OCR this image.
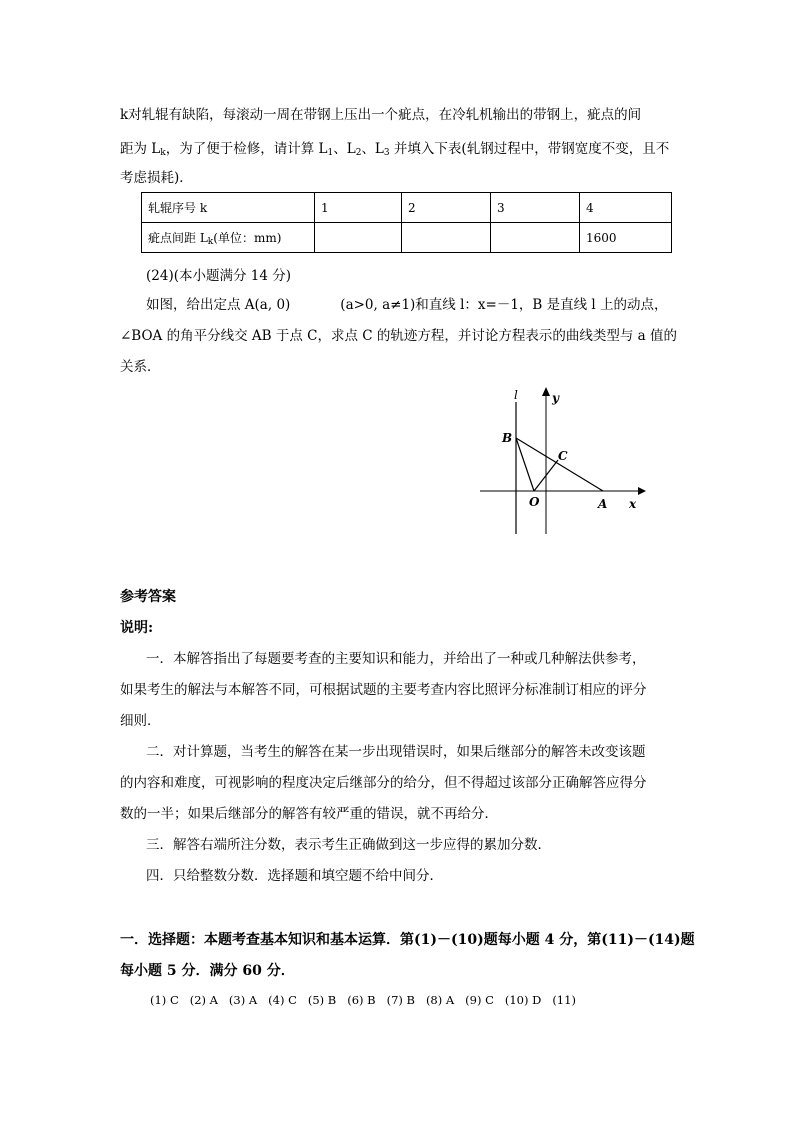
k对轧辊有缺陷，每滚动一周在带钢上压出一个疵点，在冷轧机输出的带钢上，疵点的间
距为 $L_k$，为了便于检修，请计算 $L_1$、$L_2$、$L_3$ 并填入下表(轧钢过程中，带钢宽度不变，且不
考虑损耗)．
轧辊序号 k	1	2	3	4
疵点间距 $L_k$(单位：mm)				1600
(24)(本小题满分 14 分)
如图，给出定点 A(a, 0)	(a>0, a≠1)和直线 l：x=－1，B 是直线 l 上的动点，
∠BOA 的角平分线交 AB 于点 C，求点 C 的轨迹方程，并讨论方程表示的曲线类型与 a 值的
关系．
l	y
B
C
O	A x
参考答案
说明:
一．本解答指出了每题要考查的主要知识和能力，并给出了一种或几种解法供参考，
如果考生的解法与本解答不同，可根据试题的主要考查内容比照评分标准制订相应的评分
细则．
二．对计算题，当考生的解答在某一步出现错误时，如果后继部分的解答未改变该题
的内容和难度，可视影响的程度决定后继部分的给分，但不得超过该部分正确解答应得分
数的一半；如果后继部分的解答有较严重的错误，就不再给分．
三．解答右端所注分数，表示考生正确做到这一步应得的累加分数．
四．只给整数分数．选择题和填空题不给中间分．
一．选择题：本题考查基本知识和基本运算．第(1)－(10)题每小题 4 分，第(11)－(14)题
每小题 5 分．满分 60 分．
(1) C   (2) A   (3) A   (4) C   (5) B   (6) B   (7) B   (8) A   (9) C   (10) D   (11)
